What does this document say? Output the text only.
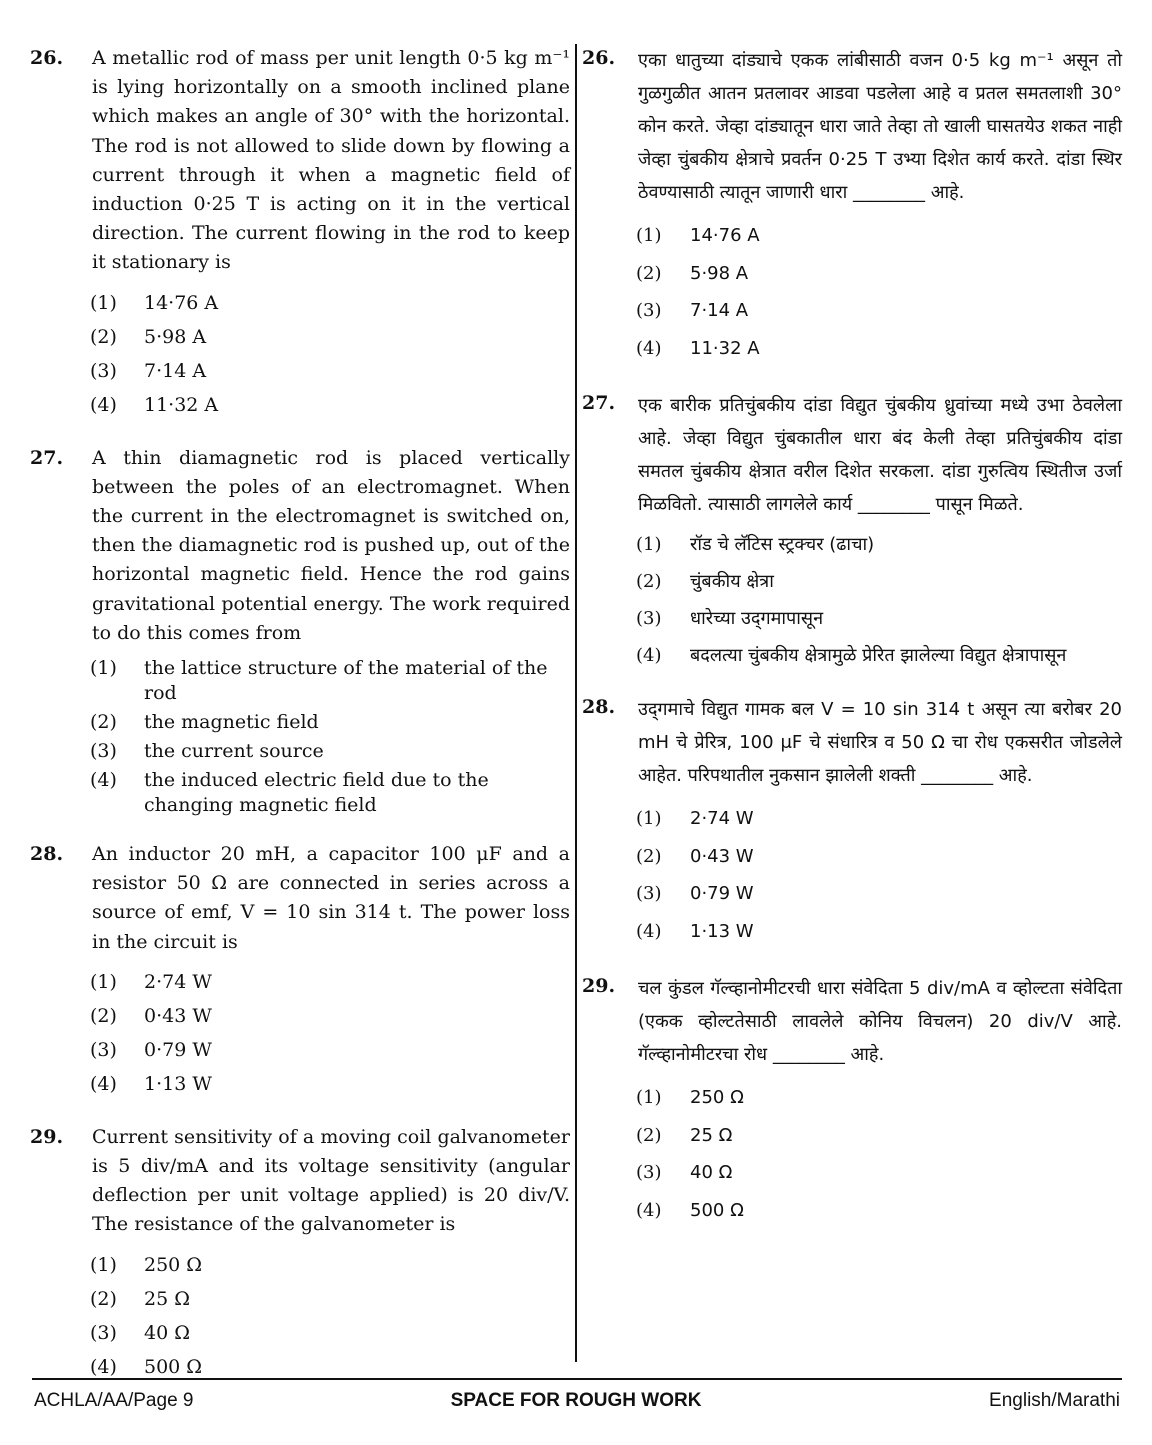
26. A metallic rod of mass per unit length 0·5 kg m⁻¹ is lying horizontally on a smooth inclined plane which makes an angle of 30° with the horizontal. The rod is not allowed to slide down by flowing a current through it when a magnetic field of induction 0·25 T is acting on it in the vertical direction. The current flowing in the rod to keep it stationary is

(1) 14·76 A
(2) 5·98 A
(3) 7·14 A
(4) 11·32 A
27. A thin diamagnetic rod is placed vertically between the poles of an electromagnet. When the current in the electromagnet is switched on, then the diamagnetic rod is pushed up, out of the horizontal magnetic field. Hence the rod gains gravitational potential energy. The work required to do this comes from

(1) the lattice structure of the material of the rod
(2) the magnetic field
(3) the current source
(4) the induced electric field due to the changing magnetic field
28. An inductor 20 mH, a capacitor 100 μF and a resistor 50 Ω are connected in series across a source of emf, V = 10 sin 314 t. The power loss in the circuit is

(1) 2·74 W
(2) 0·43 W
(3) 0·79 W
(4) 1·13 W
29. Current sensitivity of a moving coil galvanometer is 5 div/mA and its voltage sensitivity (angular deflection per unit voltage applied) is 20 div/V. The resistance of the galvanometer is

(1) 250 Ω
(2) 25 Ω
(3) 40 Ω
(4) 500 Ω
26. एका धातुच्या दांड्याचे एकक लांबीसाठी वजन 0·5 kg m⁻¹ असून तो गुळगुळीत आतन प्रतलावर आडवा पडलेला आहे व प्रतल समतलाशी 30° कोन करते. जेव्हा दांड्यातून धारा जाते तेव्हा तो खाली घासतयेउ शकत नाही जेव्हा चुंबकीय क्षेत्राचे प्रवर्तन 0·25 T उभ्या दिशेत कार्य करते. दांडा स्थिर ठेवण्यासाठी त्यातून जाणारी धारा ________ आहे.

(1) 14·76 A
(2) 5·98 A
(3) 7·14 A
(4) 11·32 A
27. एक बारीक प्रतिचुंबकीय दांडा विद्युत चुंबकीय ध्रुवांच्या मध्ये उभा ठेवलेला आहे. जेव्हा विद्युत चुंबकातील धारा बंद केली तेव्हा प्रतिचुंबकीय दांडा समतल चुंबकीय क्षेत्रात वरील दिशेत सरकला. दांडा गुरुत्विय स्थितीज उर्जा मिळवितो. त्यासाठी लागलेले कार्य ________ पासून मिळते.

(1) रॉड चे लॅटिस स्ट्रक्चर (ढाचा)
(2) चुंबकीय क्षेत्रा
(3) धारेच्या उद्‌गमापासून
(4) बदलत्या चुंबकीय क्षेत्रामुळे प्रेरित झालेल्या विद्युत क्षेत्रापासून
28. उद्‌गमाचे विद्युत गामक बल V = 10 sin 314 t असून त्या बरोबर 20 mH चे प्रेरित्र, 100 μF चे संधारित्र व 50 Ω चा रोध एकसरीत जोडलेले आहेत. परिपथातील नुकसान झालेली शक्ती ________ आहे.

(1) 2·74 W
(2) 0·43 W
(3) 0·79 W
(4) 1·13 W
29. चल कुंडल गॅल्व्हानोमीटरची धारा संवेदिता 5 div/mA व व्होल्टता संवेदिता (एकक व्होल्टतेसाठी लावलेले कोनिय विचलन) 20 div/V आहे. गॅल्व्हानोमीटरचा रोध ________ आहे.

(1) 250 Ω
(2) 25 Ω
(3) 40 Ω
(4) 500 Ω
ACHLA/AA/Page 9	SPACE FOR ROUGH WORK	English/Marathi
